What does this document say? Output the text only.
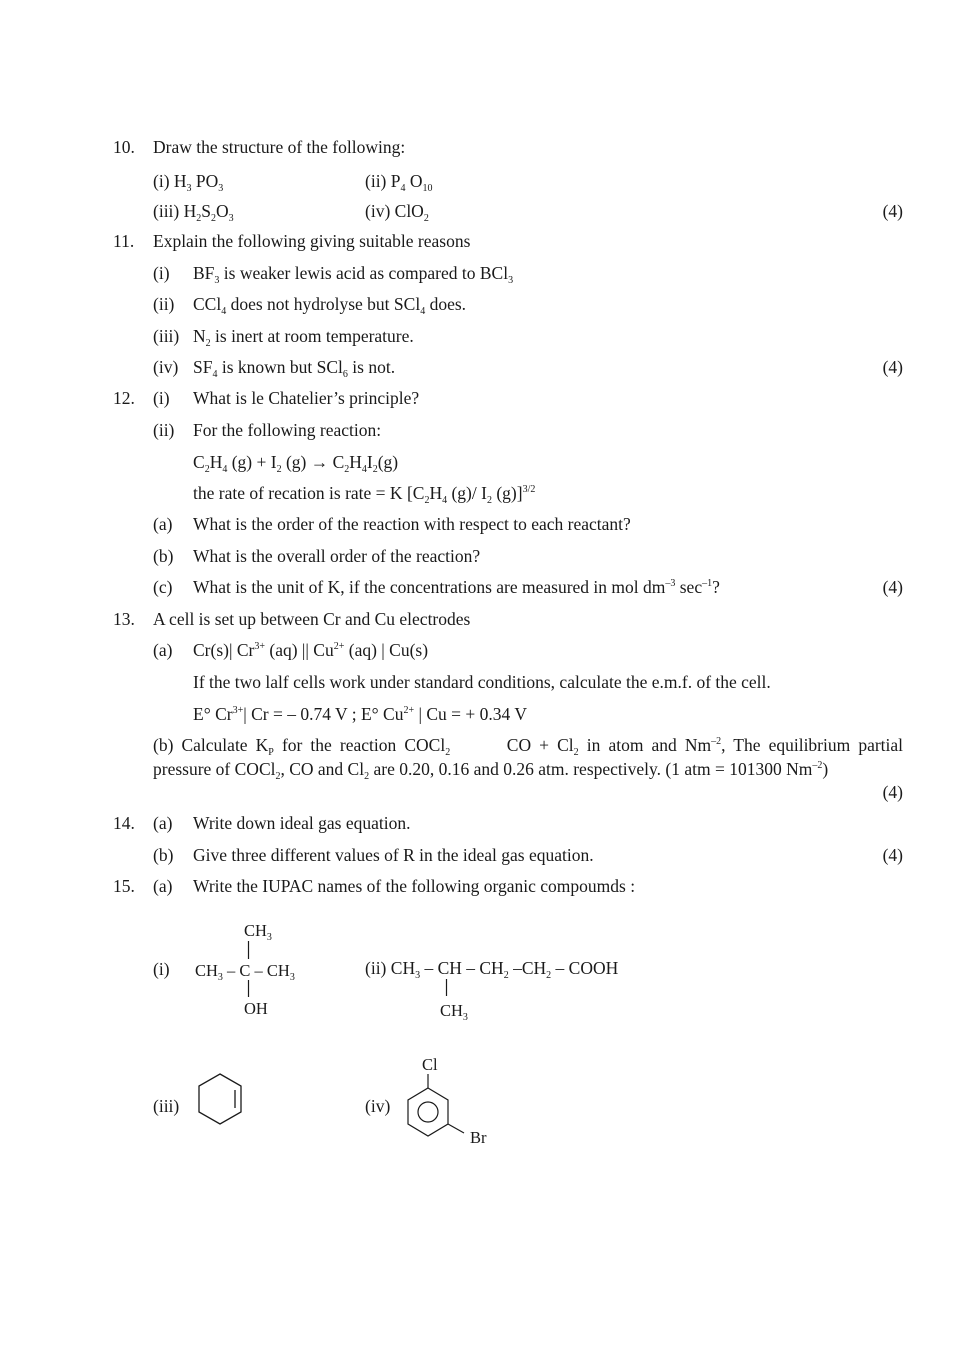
10. Draw the structure of the following:
(i) $H_3$ $PO_3$	(ii) $P_4$ $O_{10}$
(iii) $H_2S_2O_3$	(iv) ClO$_2$	(4)
11. Explain the following giving suitable reasons
(i) $BF_3$ is weaker lewis acid as compared to BCl$_3$
(ii) CCl$_4$ does not hydrolyse but SCl$_4$ does.
(iii) $N_2$ is inert at room temperature.
(iv) $SF_4$ is known but SCl$_6$ is not.	(4)
12. (i) What is le Chatelier’s principle?
(ii) For the following reaction:
$C_2H_4$ $(g) + I_2$ $(g) \to C_2H_4I_2(g)$
the rate of recation is rate = K [$C_2H_4$ (g)/ $I_2$ (g)]$^{3/2}$
(a) What is the order of the reaction with respect to each reactant?
(b) What is the overall order of the reaction?
(c) What is the unit of K, if the concentrations are measured in mol $dm^{-3}$ $\sec^{-1}$?	(4)
13. A cell is set up between Cr and Cu electrodes
(a) Cr(s)| $Cr^{3+}$ (aq) || $Cu^{2+}$ (aq) | Cu(s)
If the two lalf cells work under standard conditions, calculate the e.m.f. of the cell.
E° $Cr^{3+}|$ Cr = – 0.74 V ; E° $Cu^{2+}$ | Cu = + 0.34 V
(b) Calculate $K_P$ for the reaction COCl$_2$       CO + $Cl_2$ in atom and $Nm^{-2}$, The equilibrium partial
pressure of COCl$_2$, CO and $Cl_2$ are 0.20, 0.16 and 0.26 atm. respectively. (1 atm = 101300 $Nm^{-2}$)
(4)
14. (a) Write down ideal gas equation.
(b) Give three different values of R in the ideal gas equation.	(4)
15. (a) Write the IUPAC names of the following organic compoumds :
(i)
$CH_3$
$CH_3$ – C – $CH_3$
OH
(ii) $CH_3$ – CH – $CH_2$ $-CH_2$ – COOH
$CH_3$
(iii)	(iv)
Cl
Br
